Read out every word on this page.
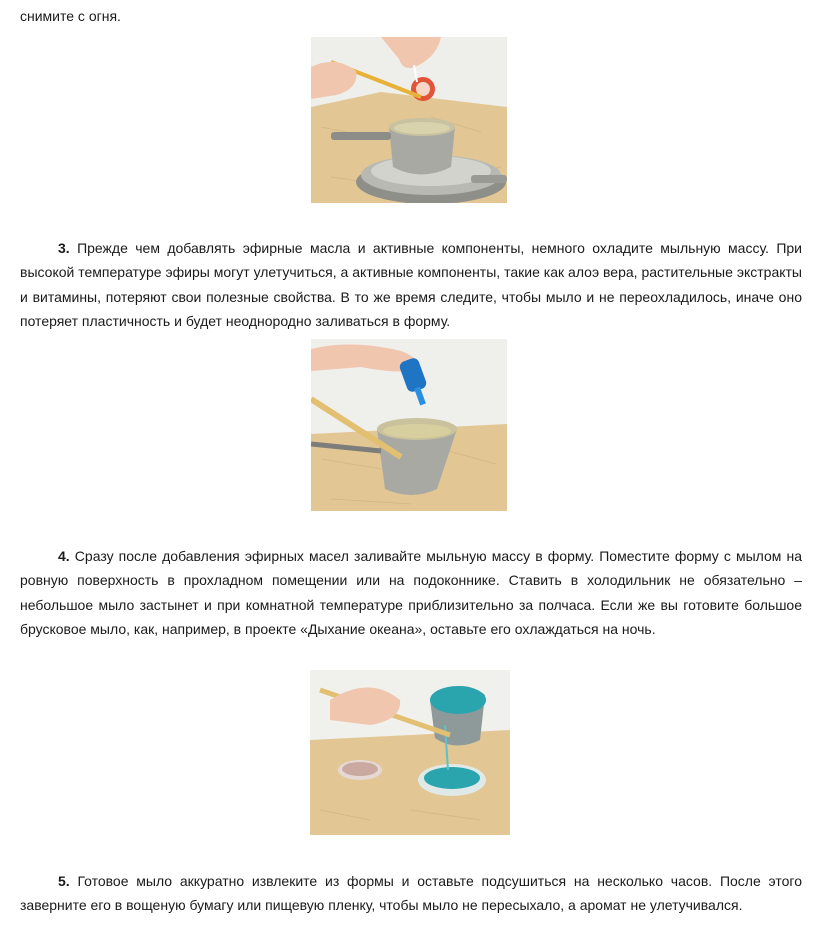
снимите с огня.

3. Прежде чем добавлять эфирные масла и активные компоненты, немного охладите мыльную массу. При высокой температуре эфиры могут улетучиться, а активные компоненты, такие как алоэ вера, растительные экстракты и витамины, потеряют свои полезные свойства. В то же время следите, чтобы мыло и не переохладилось, иначе оно потеряет пластичность и будет неоднородно заливаться в форму.

4. Сразу после добавления эфирных масел заливайте мыльную массу в форму. Поместите форму с мылом на ровную поверхность в прохладном помещении или на подоконнике. Ставить в холодильник не обязательно – небольшое мыло застынет и при комнатной температуре приблизительно за полчаса. Если же вы готовите большое брусковое мыло, как, например, в проекте «Дыхание океана», оставьте его охлаждаться на ночь.

5. Готовое мыло аккуратно извлеките из формы и оставьте подсушиться на несколько часов. После этого заверните его в вощеную бумагу или пищевую пленку, чтобы мыло не пересыхало, а аромат не улетучивался.
